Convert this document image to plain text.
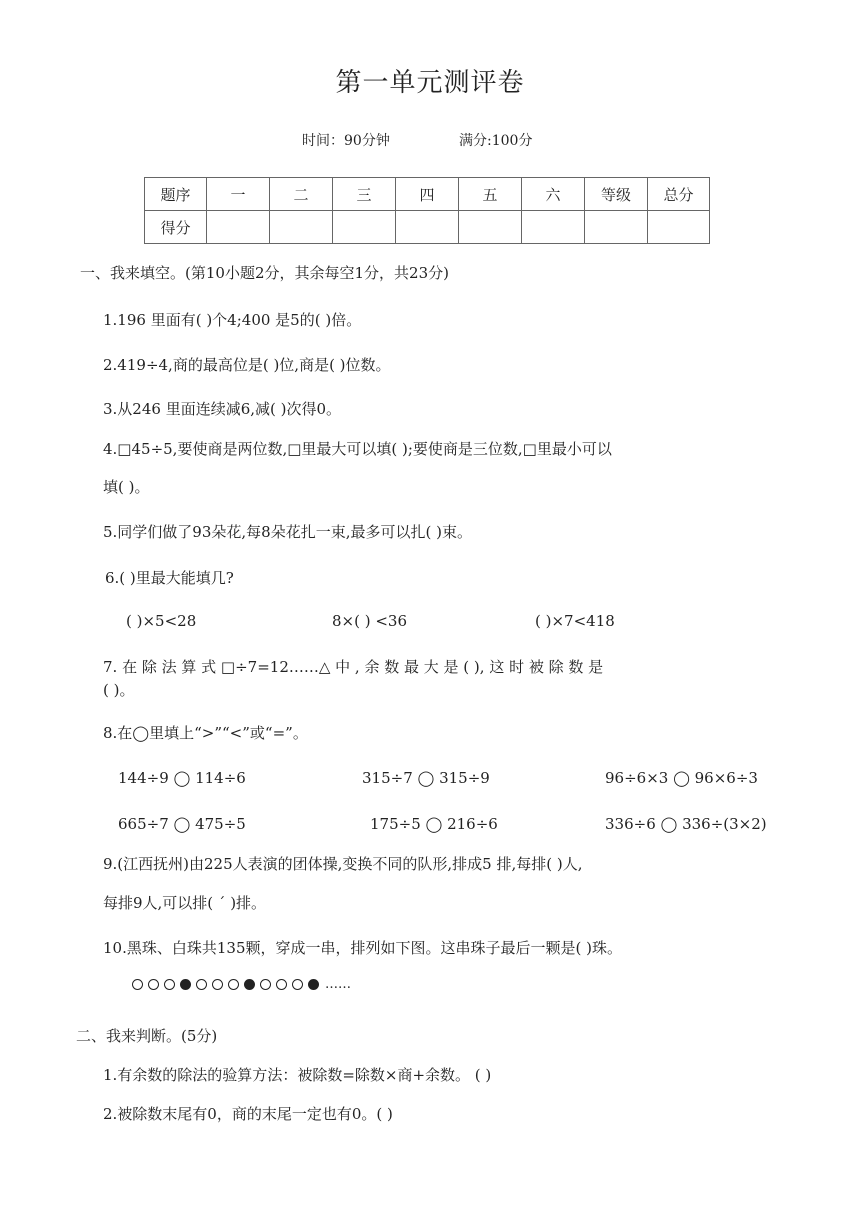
第一单元测评卷
时间：90分钟	满分:100分
题序	一	二	三	四	五	六	等级	总分
得分								
一、我来填空。(第10小题2分，其余每空1分，共23分)
1.196 里面有( )个4;400 是5的( )倍。
2.419÷4,商的最高位是( )位,商是( )位数。
3.从246 里面连续减6,减( )次得0。
4.□45÷5,要使商是两位数,□里最大可以填( );要使商是三位数,□里最小可以
填( )。
5.同学们做了93朵花,每8朵花扎一束,最多可以扎( )束。
6.( )里最大能填几?
( )×5<28	8×( ) <36	( )×7<418
7. 在 除 法 算 式 □÷7=12……△ 中 , 余 数 最 大 是 ( ), 这 时 被 除 数 是
( )。
8.在◯里填上“>”“<”或“=”。
144÷9 ◯ 114÷6	315÷7 ◯ 315÷9	96÷6×3 ◯ 96×6÷3
665÷7 ◯ 475÷5	175÷5 ◯ 216÷6	336÷6 ◯ 336÷(3×2)
9.(江西抚州)由225人表演的团体操,变换不同的队形,排成5 排,每排( )人,
每排9人,可以排( ´ )排。
10.黑珠、白珠共135颗，穿成一串，排列如下图。这串珠子最后一颗是( )珠。
……
二、我来判断。(5分)
1.有余数的除法的验算方法：被除数=除数×商+余数。 ( )
2.被除数末尾有0，商的末尾一定也有0。( )
